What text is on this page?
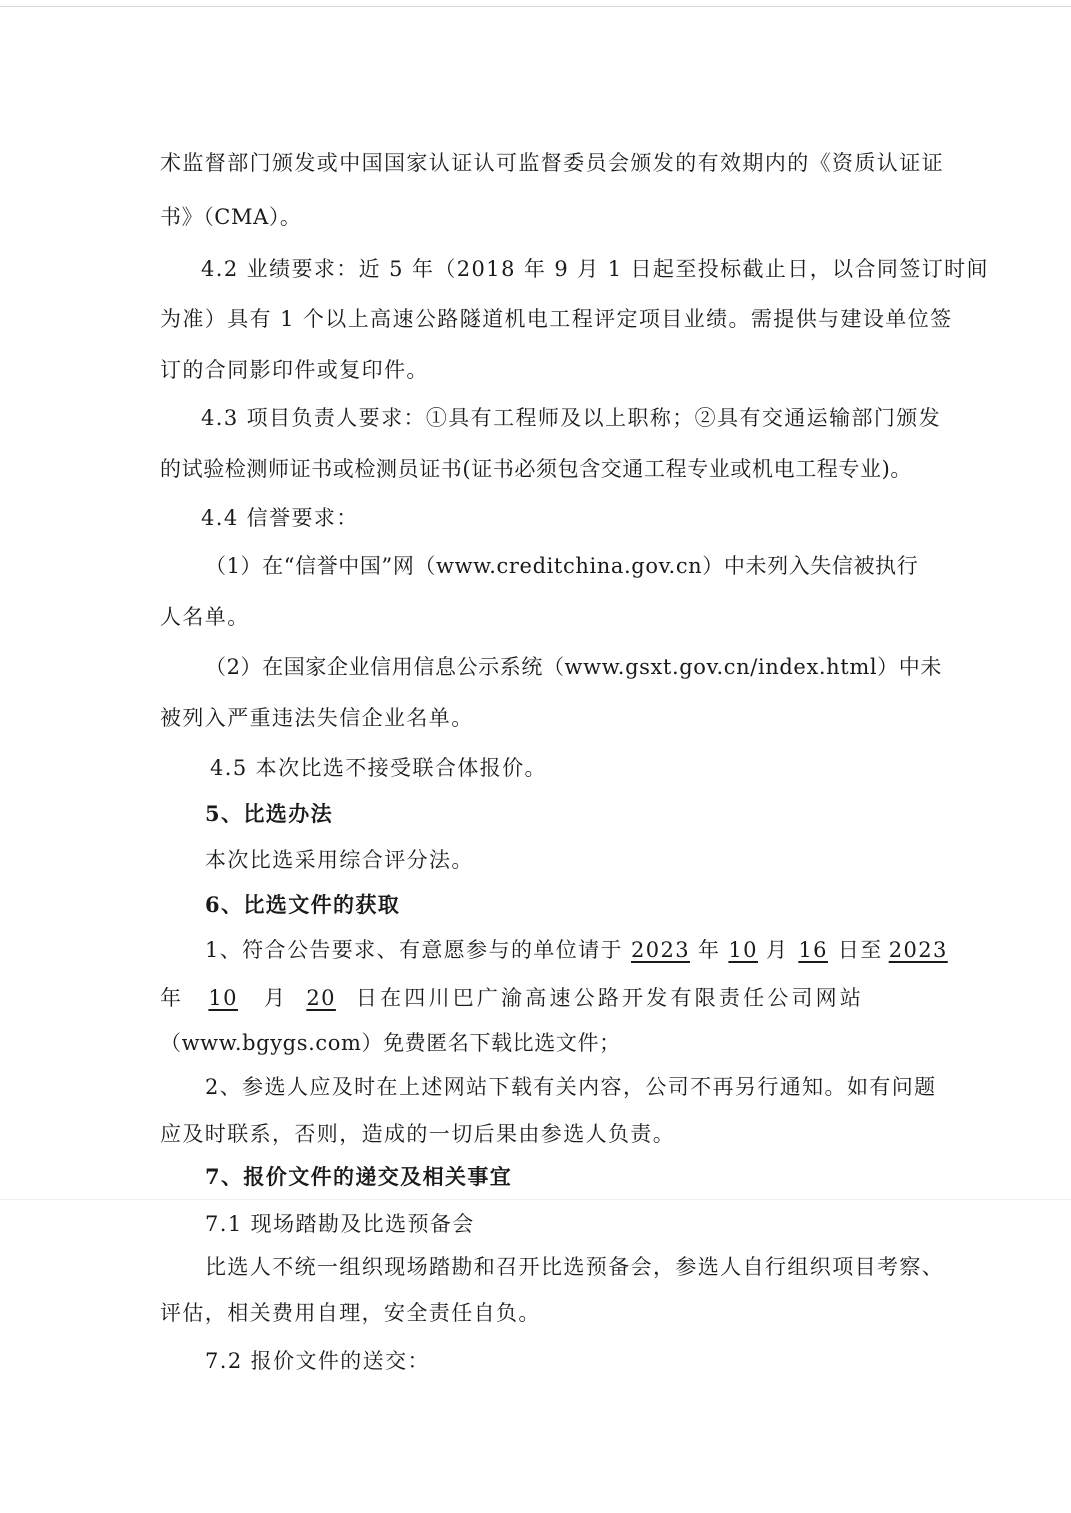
术监督部门颁发或中国国家认证认可监督委员会颁发的有效期内的《资质认证证
书》（CMA）。
4.2 业绩要求：近 5 年（2018 年 9 月 1 日起至投标截止日，以合同签订时间
为准）具有 1 个以上高速公路隧道机电工程评定项目业绩。需提供与建设单位签
订的合同影印件或复印件。
4.3 项目负责人要求：①具有工程师及以上职称；②具有交通运输部门颁发
的试验检测师证书或检测员证书(证书必须包含交通工程专业或机电工程专业)。
4.4 信誉要求：
（1）在“信誉中国”网（www.creditchina.gov.cn）中未列入失信被执行
人名单。
（2）在国家企业信用信息公示系统（www.gsxt.gov.cn/index.html）中未
被列入严重违法失信企业名单。
4.5 本次比选不接受联合体报价。
5、比选办法
本次比选采用综合评分法。
6、比选文件的获取
1、符合公告要求、有意愿参与的单位请于 2023 年 10 月 16 日至 2023
年 10 月 20 日在四川巴广渝高速公路开发有限责任公司网站
（www.bgygs.com）免费匿名下载比选文件；
2、参选人应及时在上述网站下载有关内容，公司不再另行通知。如有问题
应及时联系，否则，造成的一切后果由参选人负责。
7、报价文件的递交及相关事宜
7.1 现场踏勘及比选预备会
比选人不统一组织现场踏勘和召开比选预备会，参选人自行组织项目考察、
评估，相关费用自理，安全责任自负。
7.2 报价文件的送交：
